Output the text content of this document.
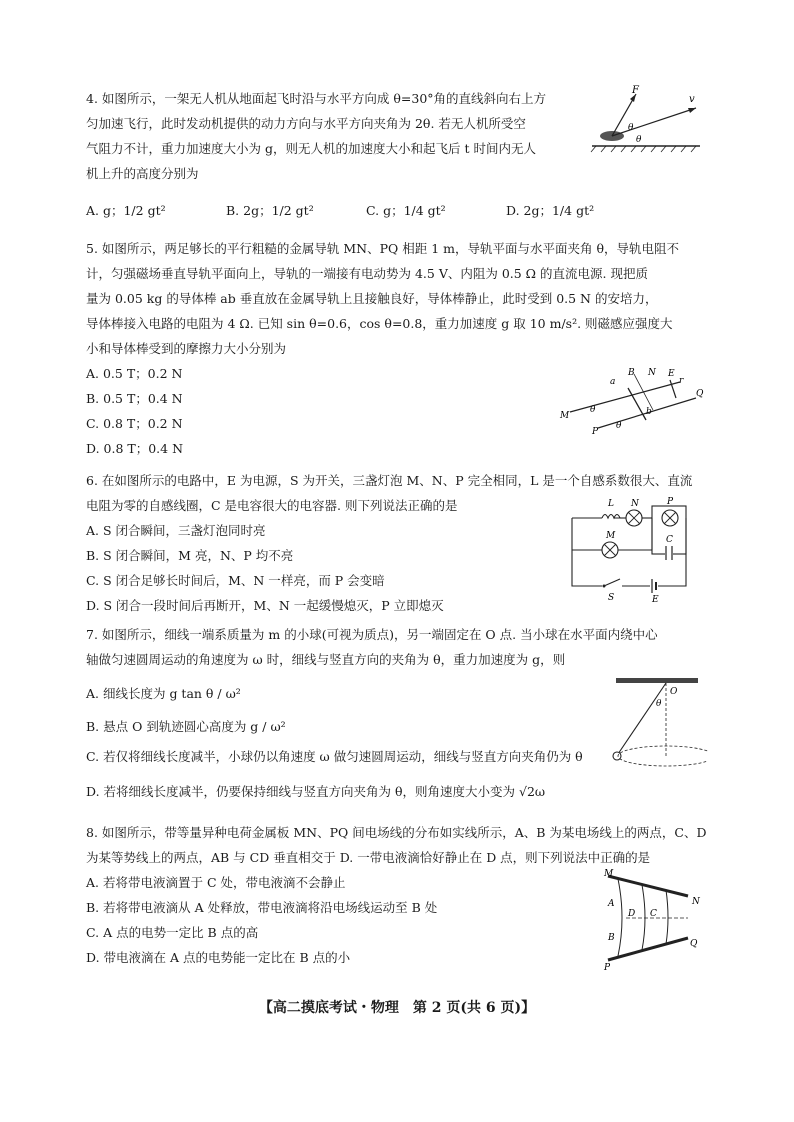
4. 如图所示，一架无人机从地面起飞时沿与水平方向成 θ=30°角的直线斜向右上方
匀加速飞行，此时发动机提供的动力方向与水平方向夹角为 2θ. 若无人机所受空
气阻力不计，重力加速度大小为 g，则无人机的加速度大小和起飞后 t 时间内无人
机上升的高度分别为
A. g；1/2 gt²	B. 2g；1/2 gt²	C. g；1/4 gt²	D. 2g；1/4 gt²
F
v
θ
θ
5. 如图所示，两足够长的平行粗糙的金属导轨 MN、PQ 相距 1 m，导轨平面与水平面夹角 θ，导轨电阻不
计，匀强磁场垂直导轨平面向上，导轨的一端接有电动势为 4.5 V、内阻为 0.5 Ω 的直流电源. 现把质
量为 0.05 kg 的导体棒 ab 垂直放在金属导轨上且接触良好，导体棒静止，此时受到 0.5 N 的安培力，
导体棒接入电路的电阻为 4 Ω. 已知 sin θ=0.6，cos θ=0.8，重力加速度 g 取 10 m/s². 则磁感应强度大
小和导体棒受到的摩擦力大小分别为
A. 0.5 T；0.2 N
B. 0.5 T；0.4 N
C. 0.8 T；0.2 N
D. 0.8 T；0.4 N
a
b
B N E
r
Q
M
P
θ
θ
6. 在如图所示的电路中，E 为电源，S 为开关，三盏灯泡 M、N、P 完全相同，L 是一个自感系数很大、直流
电阻为零的自感线圈，C 是电容很大的电容器. 则下列说法正确的是
A. S 闭合瞬间，三盏灯泡同时亮
B. S 闭合瞬间，M 亮，N、P 均不亮
C. S 闭合足够长时间后，M、N 一样亮，而 P 会变暗
D. S 闭合一段时间后再断开，M、N 一起缓慢熄灭，P 立即熄灭
L N	P
M	C
S	E
7. 如图所示，细线一端系质量为 m 的小球(可视为质点)，另一端固定在 O 点. 当小球在水平面内绕中心
轴做匀速圆周运动的角速度为 ω 时，细线与竖直方向的夹角为 θ，重力加速度为 g，则
A. 细线长度为 g tan θ / ω²
B. 悬点 O 到轨迹圆心高度为 g / ω²
C. 若仅将细线长度减半，小球仍以角速度 ω 做匀速圆周运动，细线与竖直方向夹角仍为 θ
D. 若将细线长度减半，仍要保持细线与竖直方向夹角为 θ，则角速度大小变为 √2ω
O
θ
8. 如图所示，带等量异种电荷金属板 MN、PQ 间电场线的分布如实线所示，A、B 为某电场线上的两点，C、D
为某等势线上的两点，AB 与 CD 垂直相交于 D. 一带电液滴恰好静止在 D 点，则下列说法中正确的是
A. 若将带电液滴置于 C 处，带电液滴不会静止
B. 若将带电液滴从 A 处释放，带电液滴将沿电场线运动至 B 处
C. A 点的电势一定比 B 点的高
D. 带电液滴在 A 点的电势能一定比在 B 点的小
M
N
A
D C
B
P
Q
【高二摸底考试・物理　第 2 页(共 6 页)】
